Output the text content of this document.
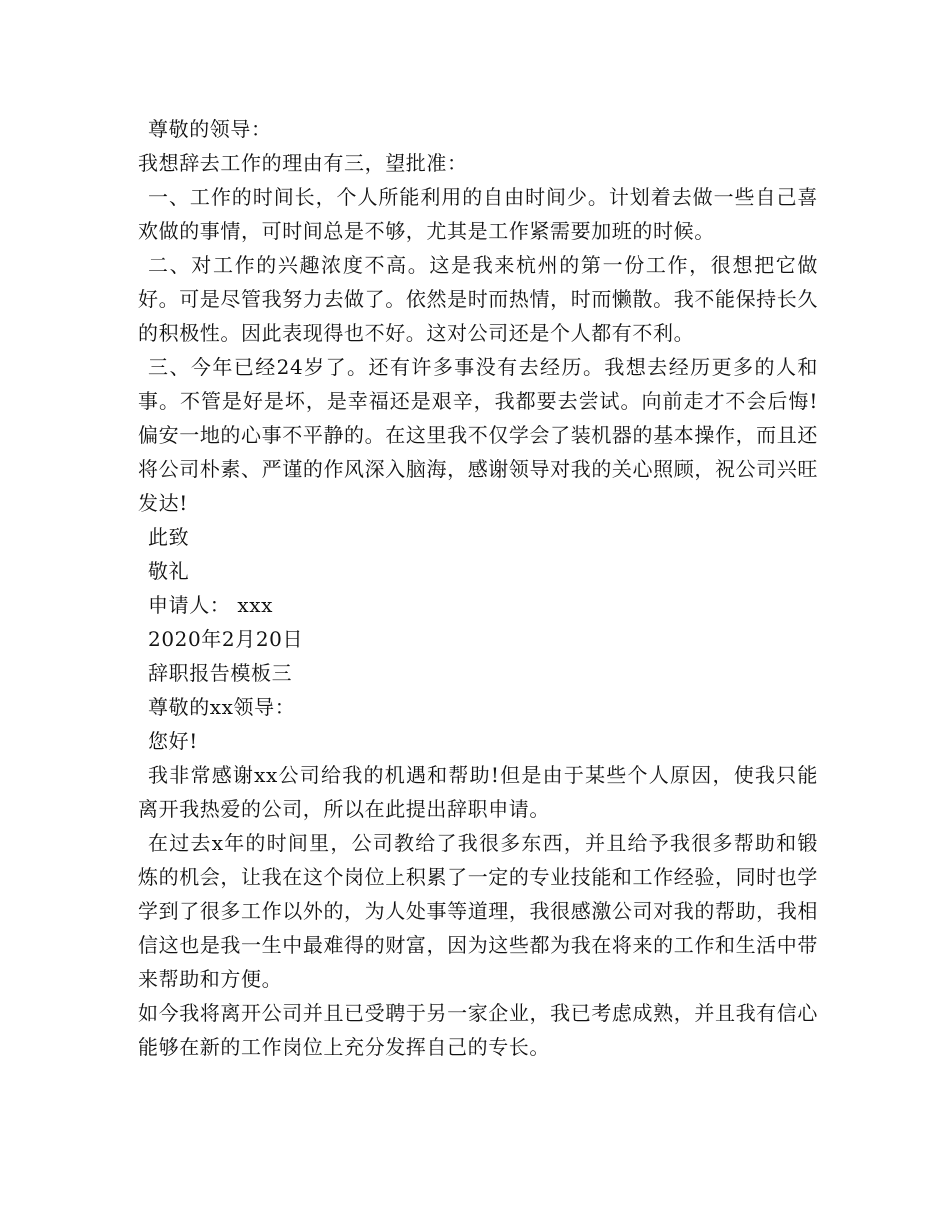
尊敬的领导：

我想辞去工作的理由有三，望批准：

一、工作的时间长，个人所能利用的自由时间少。计划着去做一些自己喜欢做的事情，可时间总是不够，尤其是工作紧需要加班的时候。

二、对工作的兴趣浓度不高。这是我来杭州的第一份工作，很想把它做好。可是尽管我努力去做了。依然是时而热情，时而懒散。我不能保持长久的积极性。因此表现得也不好。这对公司还是个人都有不利。

三、今年已经24岁了。还有许多事没有去经历。我想去经历更多的人和事。不管是好是坏，是幸福还是艰辛，我都要去尝试。向前走才不会后悔!偏安一地的心事不平静的。在这里我不仅学会了装机器的基本操作，而且还将公司朴素、严谨的作风深入脑海，感谢领导对我的关心照顾，祝公司兴旺发达!

此致

敬礼

申请人： xxx

2020年2月20日

辞职报告模板三

尊敬的xx领导：

您好!

我非常感谢xx公司给我的机遇和帮助!但是由于某些个人原因，使我只能离开我热爱的公司，所以在此提出辞职申请。

在过去x年的时间里，公司教给了我很多东西，并且给予我很多帮助和锻炼的机会，让我在这个岗位上积累了一定的专业技能和工作经验，同时也学学到了很多工作以外的，为人处事等道理，我很感激公司对我的帮助，我相信这也是我一生中最难得的财富，因为这些都为我在将来的工作和生活中带来帮助和方便。

如今我将离开公司并且已受聘于另一家企业，我已考虑成熟，并且我有信心能够在新的工作岗位上充分发挥自己的专长。
